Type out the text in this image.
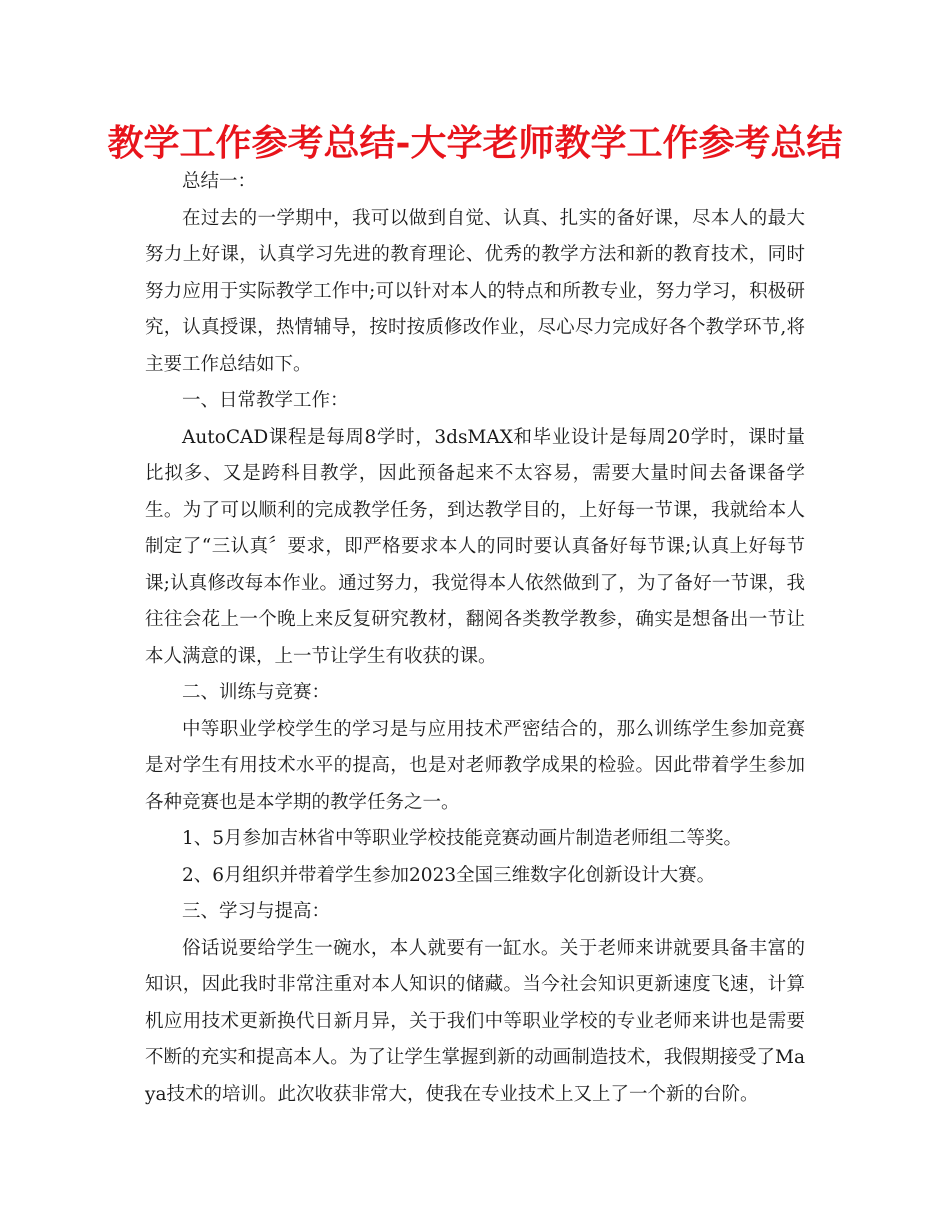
教学工作参考总结-大学老师教学工作参考总结

总结一：

在过去的一学期中，我可以做到自觉、认真、扎实的备好课，尽本人的最大努力上好课，认真学习先进的教育理论、优秀的教学方法和新的教育技术，同时努力应用于实际教学工作中;可以针对本人的特点和所教专业，努力学习，积极研究，认真授课，热情辅导，按时按质修改作业，尽心尽力完成好各个教学环节,将主要工作总结如下。

一、日常教学工作：

AutoCAD课程是每周8学时，3dsMAX和毕业设计是每周20学时，课时量比拟多、又是跨科目教学，因此预备起来不太容易，需要大量时间去备课备学生。为了可以顺利的完成教学任务，到达教学目的，上好每一节课，我就给本人制定了“三认真〞要求，即严格要求本人的同时要认真备好每节课;认真上好每节课;认真修改每本作业。通过努力，我觉得本人依然做到了，为了备好一节课，我往往会花上一个晚上来反复研究教材，翻阅各类教学教参，确实是想备出一节让本人满意的课，上一节让学生有收获的课。

二、训练与竞赛：

中等职业学校学生的学习是与应用技术严密结合的，那么训练学生参加竞赛是对学生有用技术水平的提高，也是对老师教学成果的检验。因此带着学生参加各种竞赛也是本学期的教学任务之一。

1、5月参加吉林省中等职业学校技能竞赛动画片制造老师组二等奖。

2、6月组织并带着学生参加2023全国三维数字化创新设计大赛。

三、学习与提高：

俗话说要给学生一碗水，本人就要有一缸水。关于老师来讲就要具备丰富的知识，因此我时非常注重对本人知识的储藏。当今社会知识更新速度飞速，计算机应用技术更新换代日新月异，关于我们中等职业学校的专业老师来讲也是需要不断的充实和提高本人。为了让学生掌握到新的动画制造技术，我假期接受了Maya技术的培训。此次收获非常大，使我在专业技术上又上了一个新的台阶。
